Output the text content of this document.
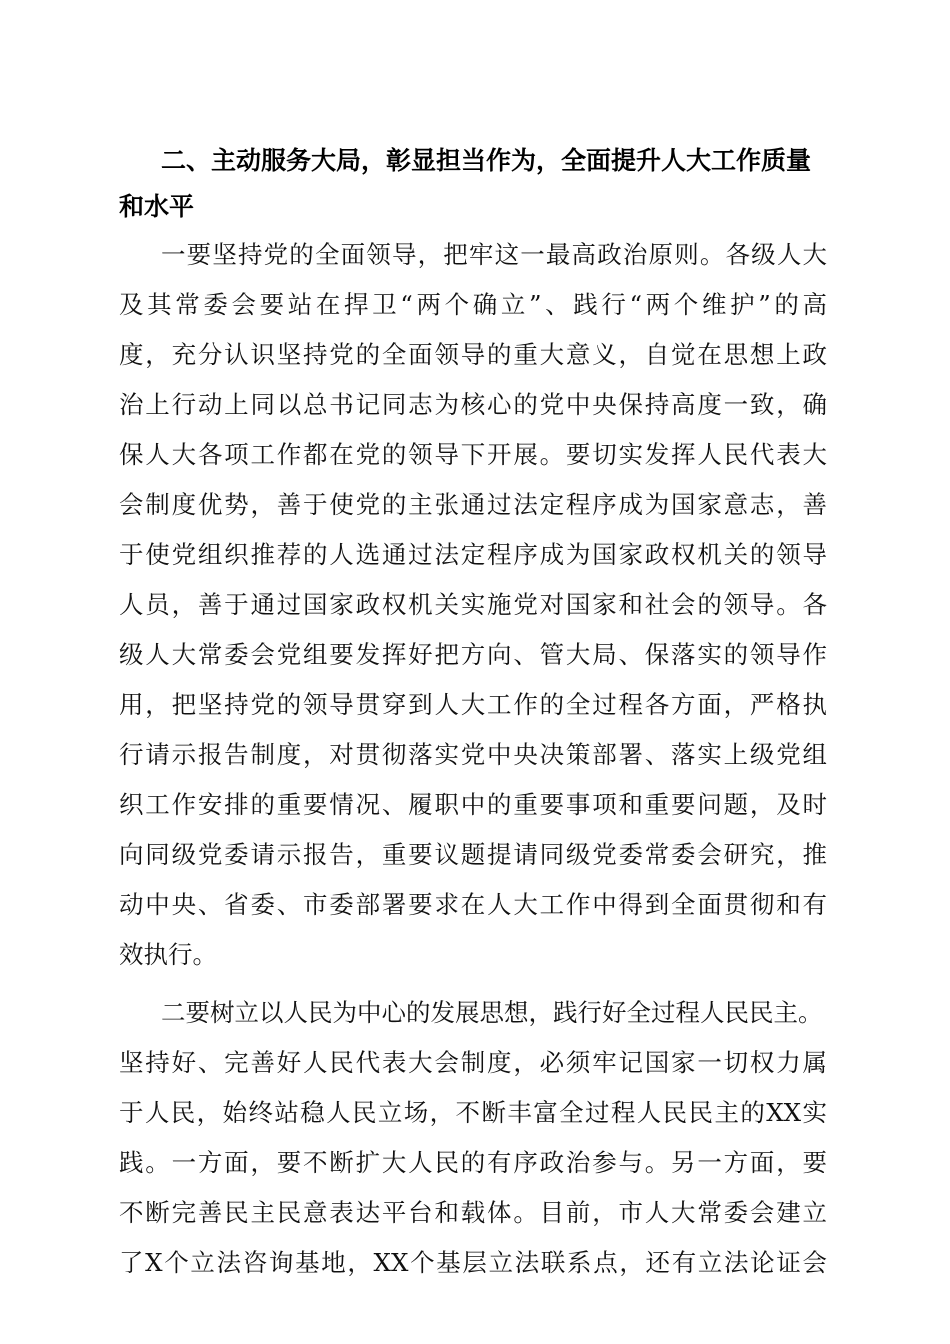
二、主动服务大局，彰显担当作为，全面提升人大工作质量
和水平
一要坚持党的全面领导，把牢这一最高政治原则。各级人大
及其常委会要站在捍卫“两个确立”、践行“两个维护”的高
度，充分认识坚持党的全面领导的重大意义，自觉在思想上政
治上行动上同以总书记同志为核心的党中央保持高度一致，确
保人大各项工作都在党的领导下开展。要切实发挥人民代表大
会制度优势，善于使党的主张通过法定程序成为国家意志，善
于使党组织推荐的人选通过法定程序成为国家政权机关的领导
人员，善于通过国家政权机关实施党对国家和社会的领导。各
级人大常委会党组要发挥好把方向、管大局、保落实的领导作
用，把坚持党的领导贯穿到人大工作的全过程各方面，严格执
行请示报告制度，对贯彻落实党中央决策部署、落实上级党组
织工作安排的重要情况、履职中的重要事项和重要问题，及时
向同级党委请示报告，重要议题提请同级党委常委会研究，推
动中央、省委、市委部署要求在人大工作中得到全面贯彻和有
效执行。
二要树立以人民为中心的发展思想，践行好全过程人民民主。
坚持好、完善好人民代表大会制度，必须牢记国家一切权力属
于人民，始终站稳人民立场，不断丰富全过程人民民主的XX实
践。一方面，要不断扩大人民的有序政治参与。另一方面，要
不断完善民主民意表达平台和载体。目前，市人大常委会建立
了X个立法咨询基地，XX个基层立法联系点，还有立法论证会
